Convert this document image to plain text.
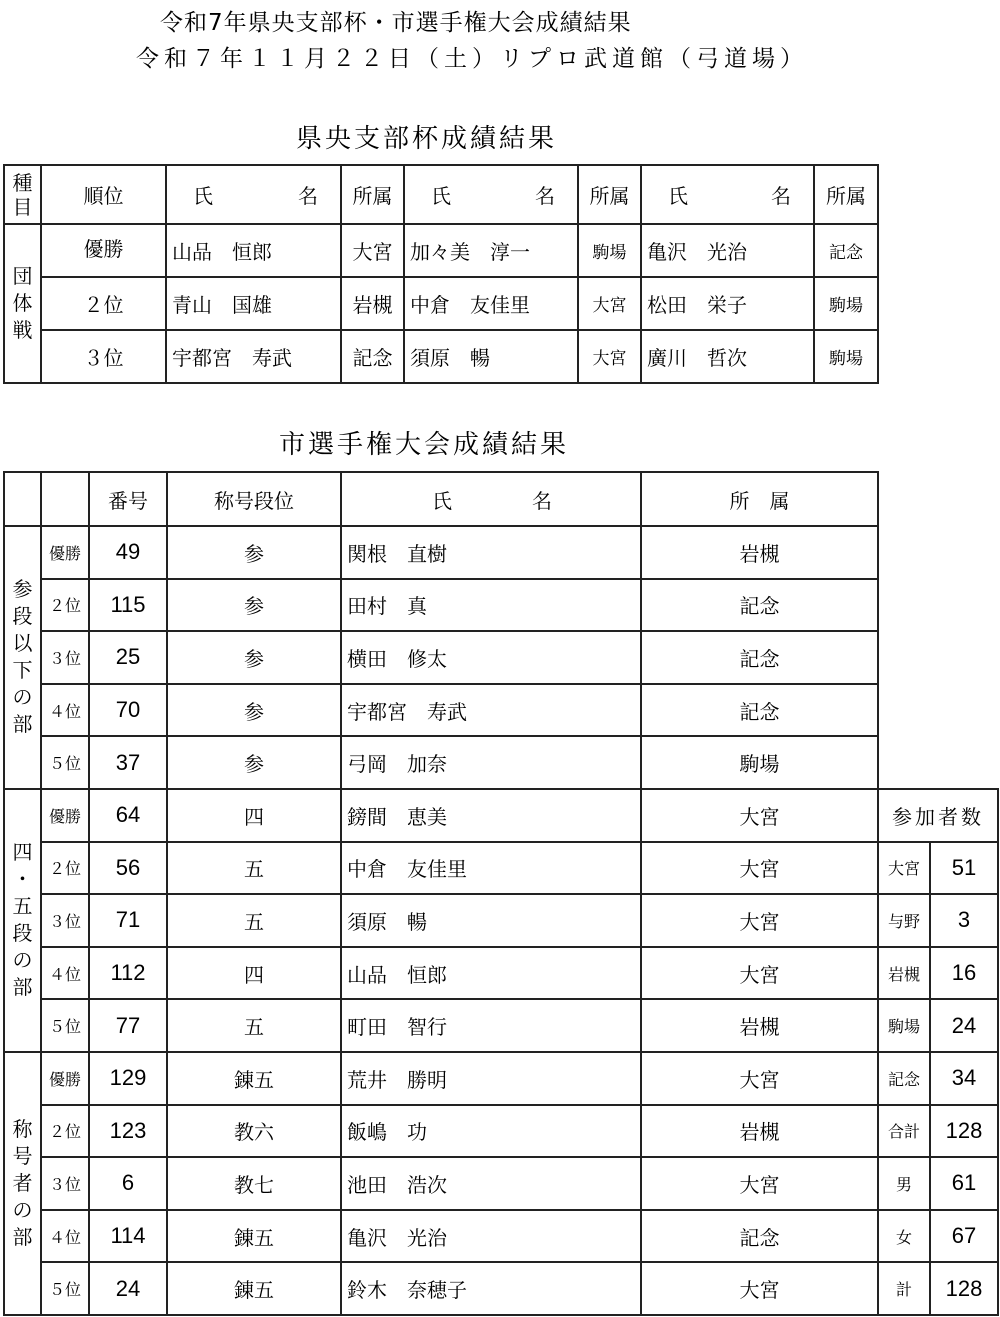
令和7年県央支部杯・市選手権大会成績結果
令和７年１１月２２日（土）リプロ武道館（弓道場）
県央支部杯成績結果
種
目	順位	氏 名	所属	氏 名	所属	氏 名	所属

団
体
戦	優勝	山品　恒郎	大宮	加々美　淳一	駒場	亀沢　光治	記念
	２位	青山　国雄	岩槻	中倉　友佳里	大宮	松田　栄子	駒場
	３位	宇都宮　寿武	記念	須原　暢	大宮	廣川　哲次	駒場
市選手権大会成績結果
		番号	称号段位	氏 名	所　属		

参
段
以
下
の
部
	優勝	49	参	関根　直樹	岩槻	
	２位	115	参	田村　真	記念		
	３位	25	参	横田　修太	記念		
	４位	70	参	宇都宮　寿武	記念		
	５位	37	参	弓岡　加奈	駒場		

四
・
五
段
の
部
	優勝	64	四	鎊間　恵美	大宮	参加者数
	２位	56	五	中倉　友佳里	大宮	大宮	51
	３位	71	五	須原　暢	大宮	与野	3
	４位	112	四	山品　恒郎	大宮	岩槻	16
	５位	77	五	町田　智行	岩槻	駒場	24

称
号
者
の
部	優勝	129	錬五	荒井　勝明	大宮	記念	34
	２位	123	教六	飯嶋　功	岩槻	合計	128
	３位	6	教七	池田　浩次	大宮	男	61
	４位	114	錬五	亀沢　光治	記念	女	67
	５位	24	錬五	鈴木　奈穂子	大宮	計	128
